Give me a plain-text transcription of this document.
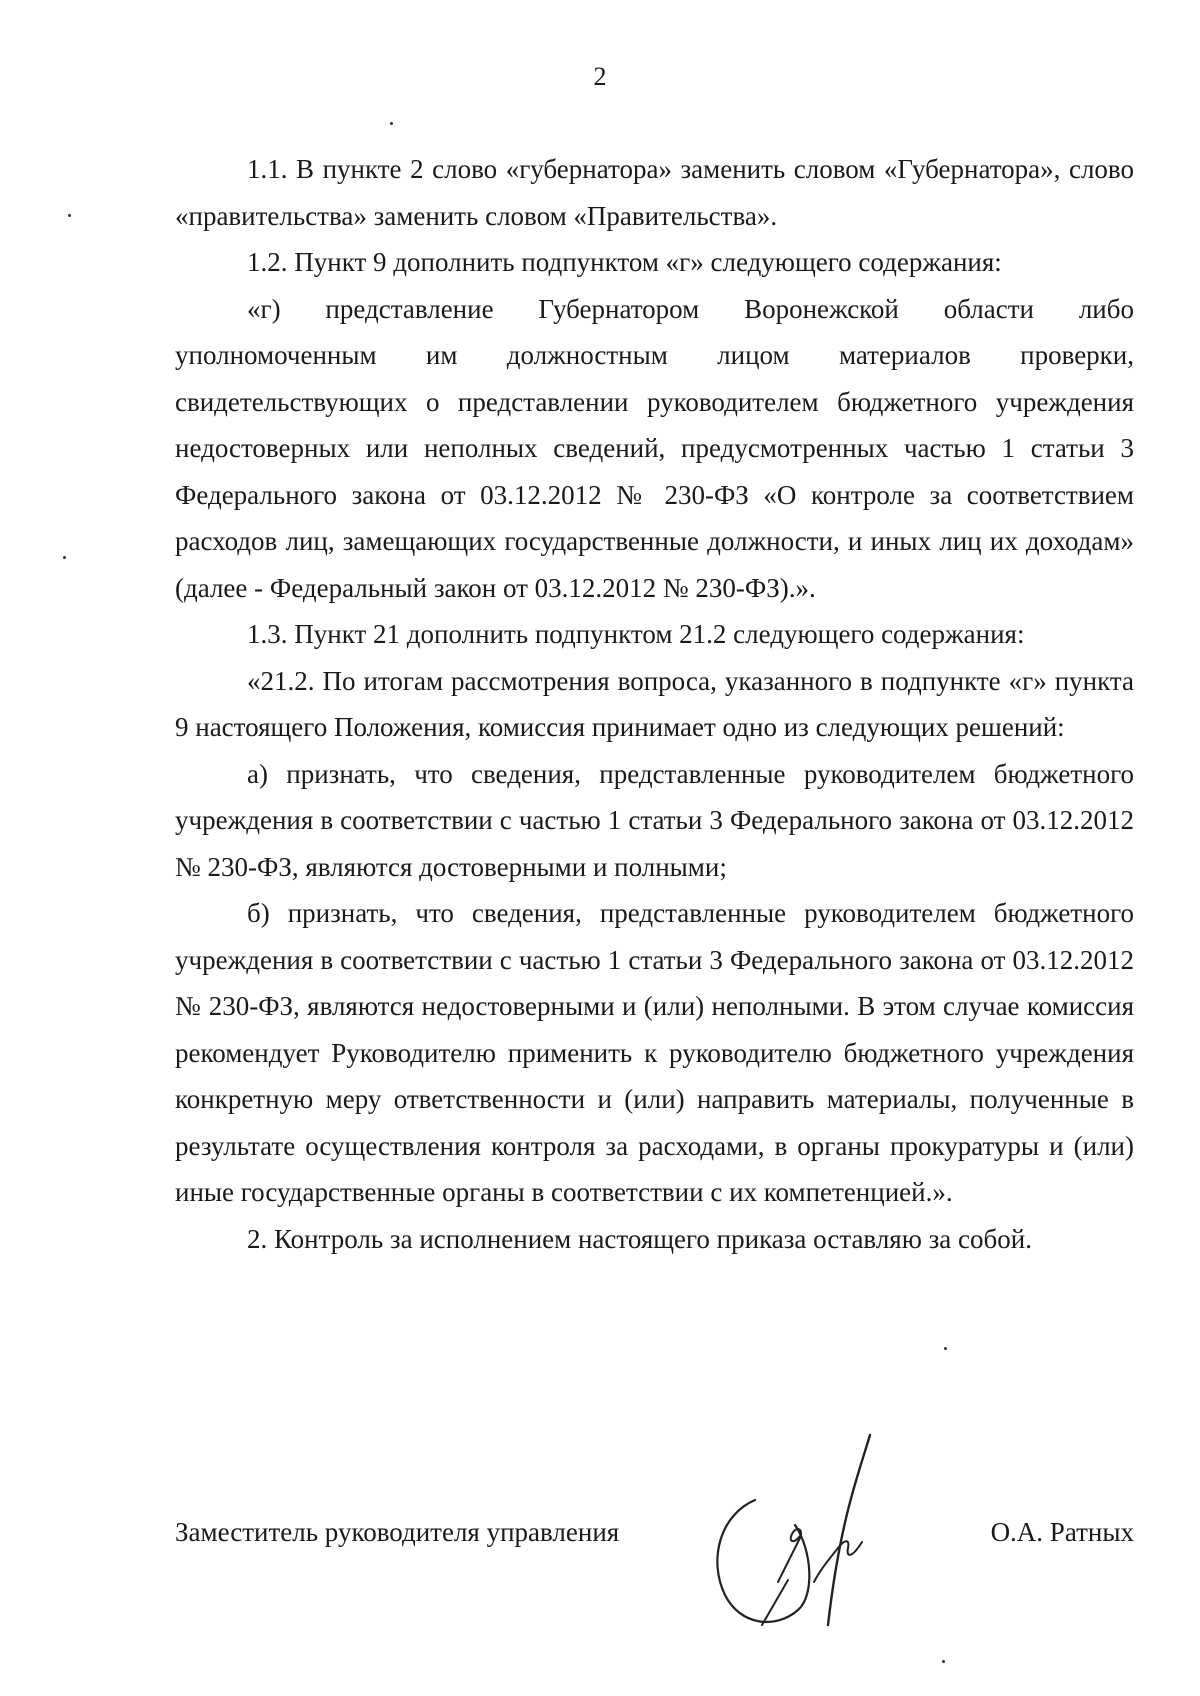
2

1.1. В пункте 2 слово «губернатора» заменить словом «Губернатора», слово «правительства» заменить словом «Правительства».

1.2. Пункт 9 дополнить подпунктом «г» следующего содержания:

«г) представление Губернатором Воронежской области либо уполномоченным им должностным лицом материалов проверки, свидетельствующих о представлении руководителем бюджетного учреждения недостоверных или неполных сведений, предусмотренных частью 1 статьи 3 Федерального закона от 03.12.2012 № 230-ФЗ «О контроле за соответствием расходов лиц, замещающих государственные должности, и иных лиц их доходам» (далее - Федеральный закон от 03.12.2012 № 230-ФЗ).».

1.3. Пункт 21 дополнить подпунктом 21.2 следующего содержания:

«21.2. По итогам рассмотрения вопроса, указанного в подпункте «г» пункта 9 настоящего Положения, комиссия принимает одно из следующих решений:

а) признать, что сведения, представленные руководителем бюджетного учреждения в соответствии с частью 1 статьи 3 Федерального закона от 03.12.2012 № 230-ФЗ, являются достоверными и полными;

б) признать, что сведения, представленные руководителем бюджетного учреждения в соответствии с частью 1 статьи 3 Федерального закона от 03.12.2012 № 230-ФЗ, являются недостоверными и (или) неполными. В этом случае комиссия рекомендует Руководителю применить к руководителю бюджетного учреждения конкретную меру ответственности и (или) направить материалы, полученные в результате осуществления контроля за расходами, в органы прокуратуры и (или) иные государственные органы в соответствии с их компетенцией.».

2. Контроль за исполнением настоящего приказа оставляю за собой.

Заместитель руководителя управления	О.А. Ратных
